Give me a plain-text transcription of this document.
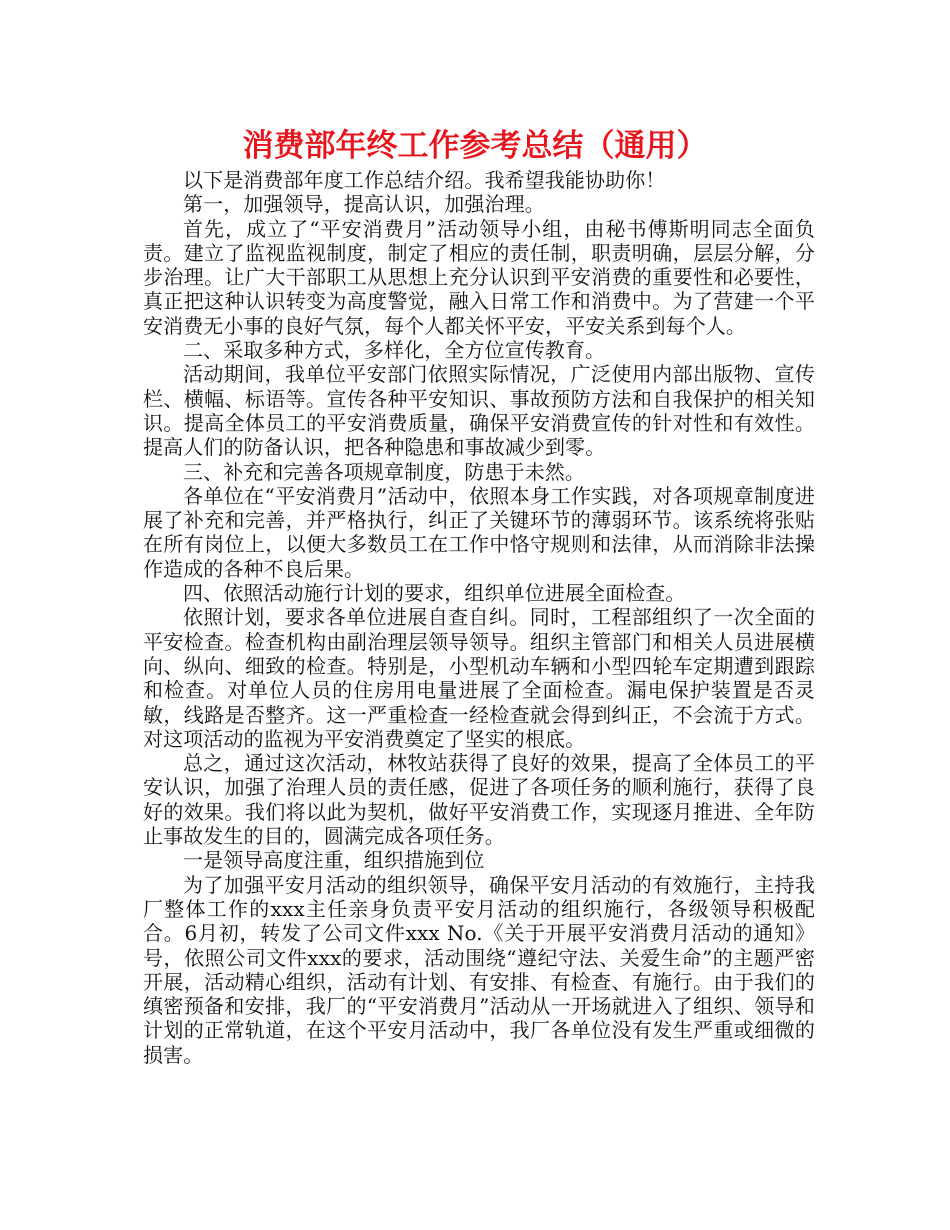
消费部年终工作参考总结（通用）

以下是消费部年度工作总结介绍。我希望我能协助你！

第一，加强领导，提高认识，加强治理。

首先，成立了“平安消费月”活动领导小组，由秘书傅斯明同志全面负责。建立了监视监视制度，制定了相应的责任制，职责明确，层层分解，分步治理。让广大干部职工从思想上充分认识到平安消费的重要性和必要性，真正把这种认识转变为高度警觉，融入日常工作和消费中。为了营建一个平安消费无小事的良好气氛，每个人都关怀平安，平安关系到每个人。

二、采取多种方式，多样化，全方位宣传教育。

活动期间，我单位平安部门依照实际情况，广泛使用内部出版物、宣传栏、横幅、标语等。宣传各种平安知识、事故预防方法和自我保护的相关知识。提高全体员工的平安消费质量，确保平安消费宣传的针对性和有效性。提高人们的防备认识，把各种隐患和事故减少到零。

三、补充和完善各项规章制度，防患于未然。

各单位在“平安消费月”活动中，依照本身工作实践，对各项规章制度进展了补充和完善，并严格执行，纠正了关键环节的薄弱环节。该系统将张贴在所有岗位上，以便大多数员工在工作中恪守规则和法律，从而消除非法操作造成的各种不良后果。

四、依照活动施行计划的要求，组织单位进展全面检查。

依照计划，要求各单位进展自查自纠。同时，工程部组织了一次全面的平安检查。检查机构由副治理层领导领导。组织主管部门和相关人员进展横向、纵向、细致的检查。特别是，小型机动车辆和小型四轮车定期遭到跟踪和检查。对单位人员的住房用电量进展了全面检查。漏电保护装置是否灵敏，线路是否整齐。这一严重检查一经检查就会得到纠正，不会流于方式。对这项活动的监视为平安消费奠定了坚实的根底。

总之，通过这次活动，林牧站获得了良好的效果，提高了全体员工的平安认识，加强了治理人员的责任感，促进了各项任务的顺利施行，获得了良好的效果。我们将以此为契机，做好平安消费工作，实现逐月推进、全年防止事故发生的目的，圆满完成各项任务。

一是领导高度注重，组织措施到位

为了加强平安月活动的组织领导，确保平安月活动的有效施行，主持我厂整体工作的xxx主任亲身负责平安月活动的组织施行，各级领导积极配合。6月初，转发了公司文件xxx No.《关于开展平安消费月活动的通知》号，依照公司文件xxx的要求，活动围绕“遵纪守法、关爱生命”的主题严密开展，活动精心组织，活动有计划、有安排、有检查、有施行。由于我们的缜密预备和安排，我厂的“平安消费月”活动从一开场就进入了组织、领导和计划的正常轨道，在这个平安月活动中，我厂各单位没有发生严重或细微的损害。
